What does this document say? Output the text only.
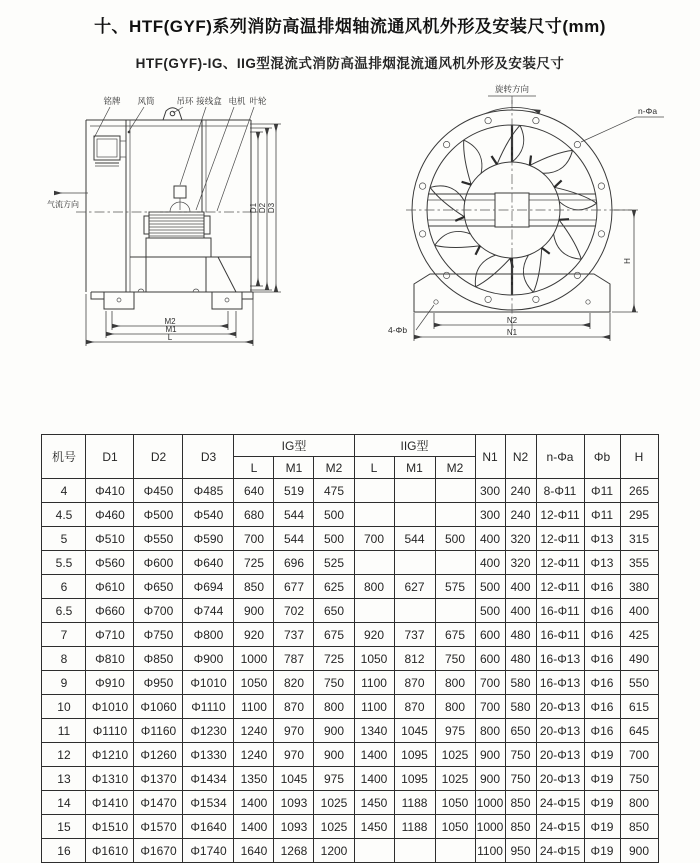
十、HTF(GYF)系列消防高温排烟轴流通风机外形及安装尺寸(mm)
HTF(GYF)-IG、IIG型混流式消防高温排烟混流通风机外形及安装尺寸
铭牌 风筒	吊环 接线盒 电机 叶轮
气流方向	D1 D2 D3
M2
M1
L
旋转方向
n-Φa
4-Φb
N2
N1
H
机号	D1	D2	D3	IG型			IIG型			N1	N2	n-Φa	Φb	H
				L	M1	M2	L	M1	M2					
4	Φ410	Φ450	Φ485	640	519	475				300	240	8-Φ11	Φ11	265
4.5	Φ460	Φ500	Φ540	680	544	500				300	240	12-Φ11	Φ11	295
5	Φ510	Φ550	Φ590	700	544	500	700	544	500	400	320	12-Φ11	Φ13	315
5.5	Φ560	Φ600	Φ640	725	696	525				400	320	12-Φ11	Φ13	355
6	Φ610	Φ650	Φ694	850	677	625	800	627	575	500	400	12-Φ11	Φ16	380
6.5	Φ660	Φ700	Φ744	900	702	650				500	400	16-Φ11	Φ16	400
7	Φ710	Φ750	Φ800	920	737	675	920	737	675	600	480	16-Φ11	Φ16	425
8	Φ810	Φ850	Φ900	1000	787	725	1050	812	750	600	480	16-Φ13	Φ16	490
9	Φ910	Φ950	Φ1010	1050	820	750	1100	870	800	700	580	16-Φ13	Φ16	550
10	Φ1010	Φ1060	Φ1110	1100	870	800	1100	870	800	700	580	20-Φ13	Φ16	615
11	Φ1110	Φ1160	Φ1230	1240	970	900	1340	1045	975	800	650	20-Φ13	Φ16	645
12	Φ1210	Φ1260	Φ1330	1240	970	900	1400	1095	1025	900	750	20-Φ13	Φ19	700
13	Φ1310	Φ1370	Φ1434	1350	1045	975	1400	1095	1025	900	750	20-Φ13	Φ19	750
14	Φ1410	Φ1470	Φ1534	1400	1093	1025	1450	1188	1050	1000	850	24-Φ15	Φ19	800
15	Φ1510	Φ1570	Φ1640	1400	1093	1025	1450	1188	1050	1000	850	24-Φ15	Φ19	850
16	Φ1610	Φ1670	Φ1740	1640	1268	1200				1100	950	24-Φ15	Φ19	900
